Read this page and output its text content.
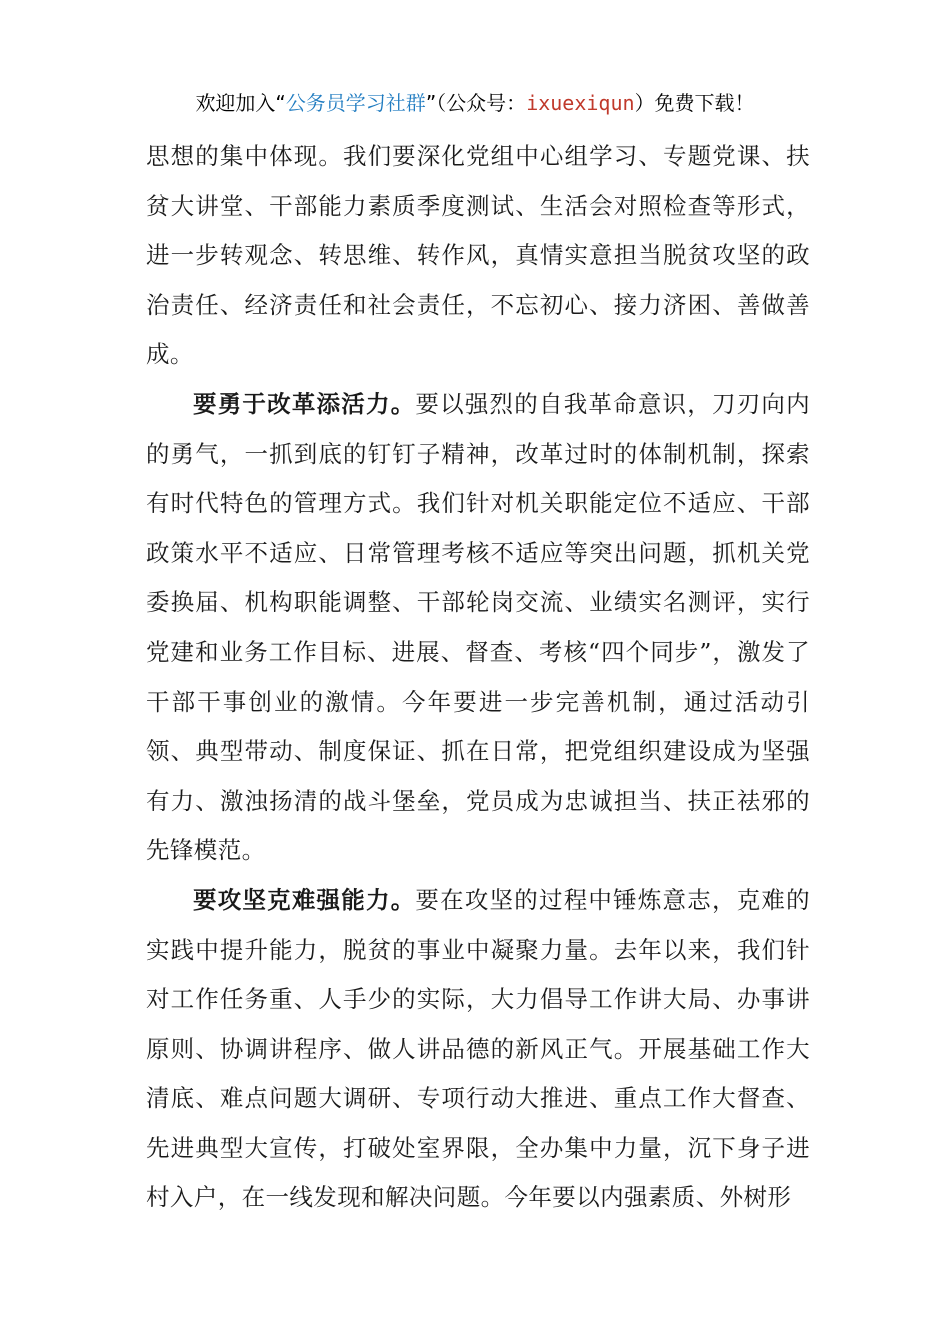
欢迎加入“公务员学习社群”（公众号：ixuexiqun）免费下载！

思想的集中体现。我们要深化党组中心组学习、专题党课、扶贫大讲堂、干部能力素质季度测试、生活会对照检查等形式，进一步转观念、转思维、转作风，真情实意担当脱贫攻坚的政治责任、经济责任和社会责任，不忘初心、接力济困、善做善成。

要勇于改革添活力。要以强烈的自我革命意识，刀刃向内的勇气，一抓到底的钉钉子精神，改革过时的体制机制，探索有时代特色的管理方式。我们针对机关职能定位不适应、干部政策水平不适应、日常管理考核不适应等突出问题，抓机关党委换届、机构职能调整、干部轮岗交流、业绩实名测评，实行党建和业务工作目标、进展、督查、考核“四个同步”，激发了干部干事创业的激情。今年要进一步完善机制，通过活动引领、典型带动、制度保证、抓在日常，把党组织建设成为坚强有力、激浊扬清的战斗堡垒，党员成为忠诚担当、扶正祛邪的先锋模范。

要攻坚克难强能力。要在攻坚的过程中锤炼意志，克难的实践中提升能力，脱贫的事业中凝聚力量。去年以来，我们针对工作任务重、人手少的实际，大力倡导工作讲大局、办事讲原则、协调讲程序、做人讲品德的新风正气。开展基础工作大清底、难点问题大调研、专项行动大推进、重点工作大督查、先进典型大宣传，打破处室界限，全办集中力量，沉下身子进村入户，在一线发现和解决问题。今年要以内强素质、外树形
